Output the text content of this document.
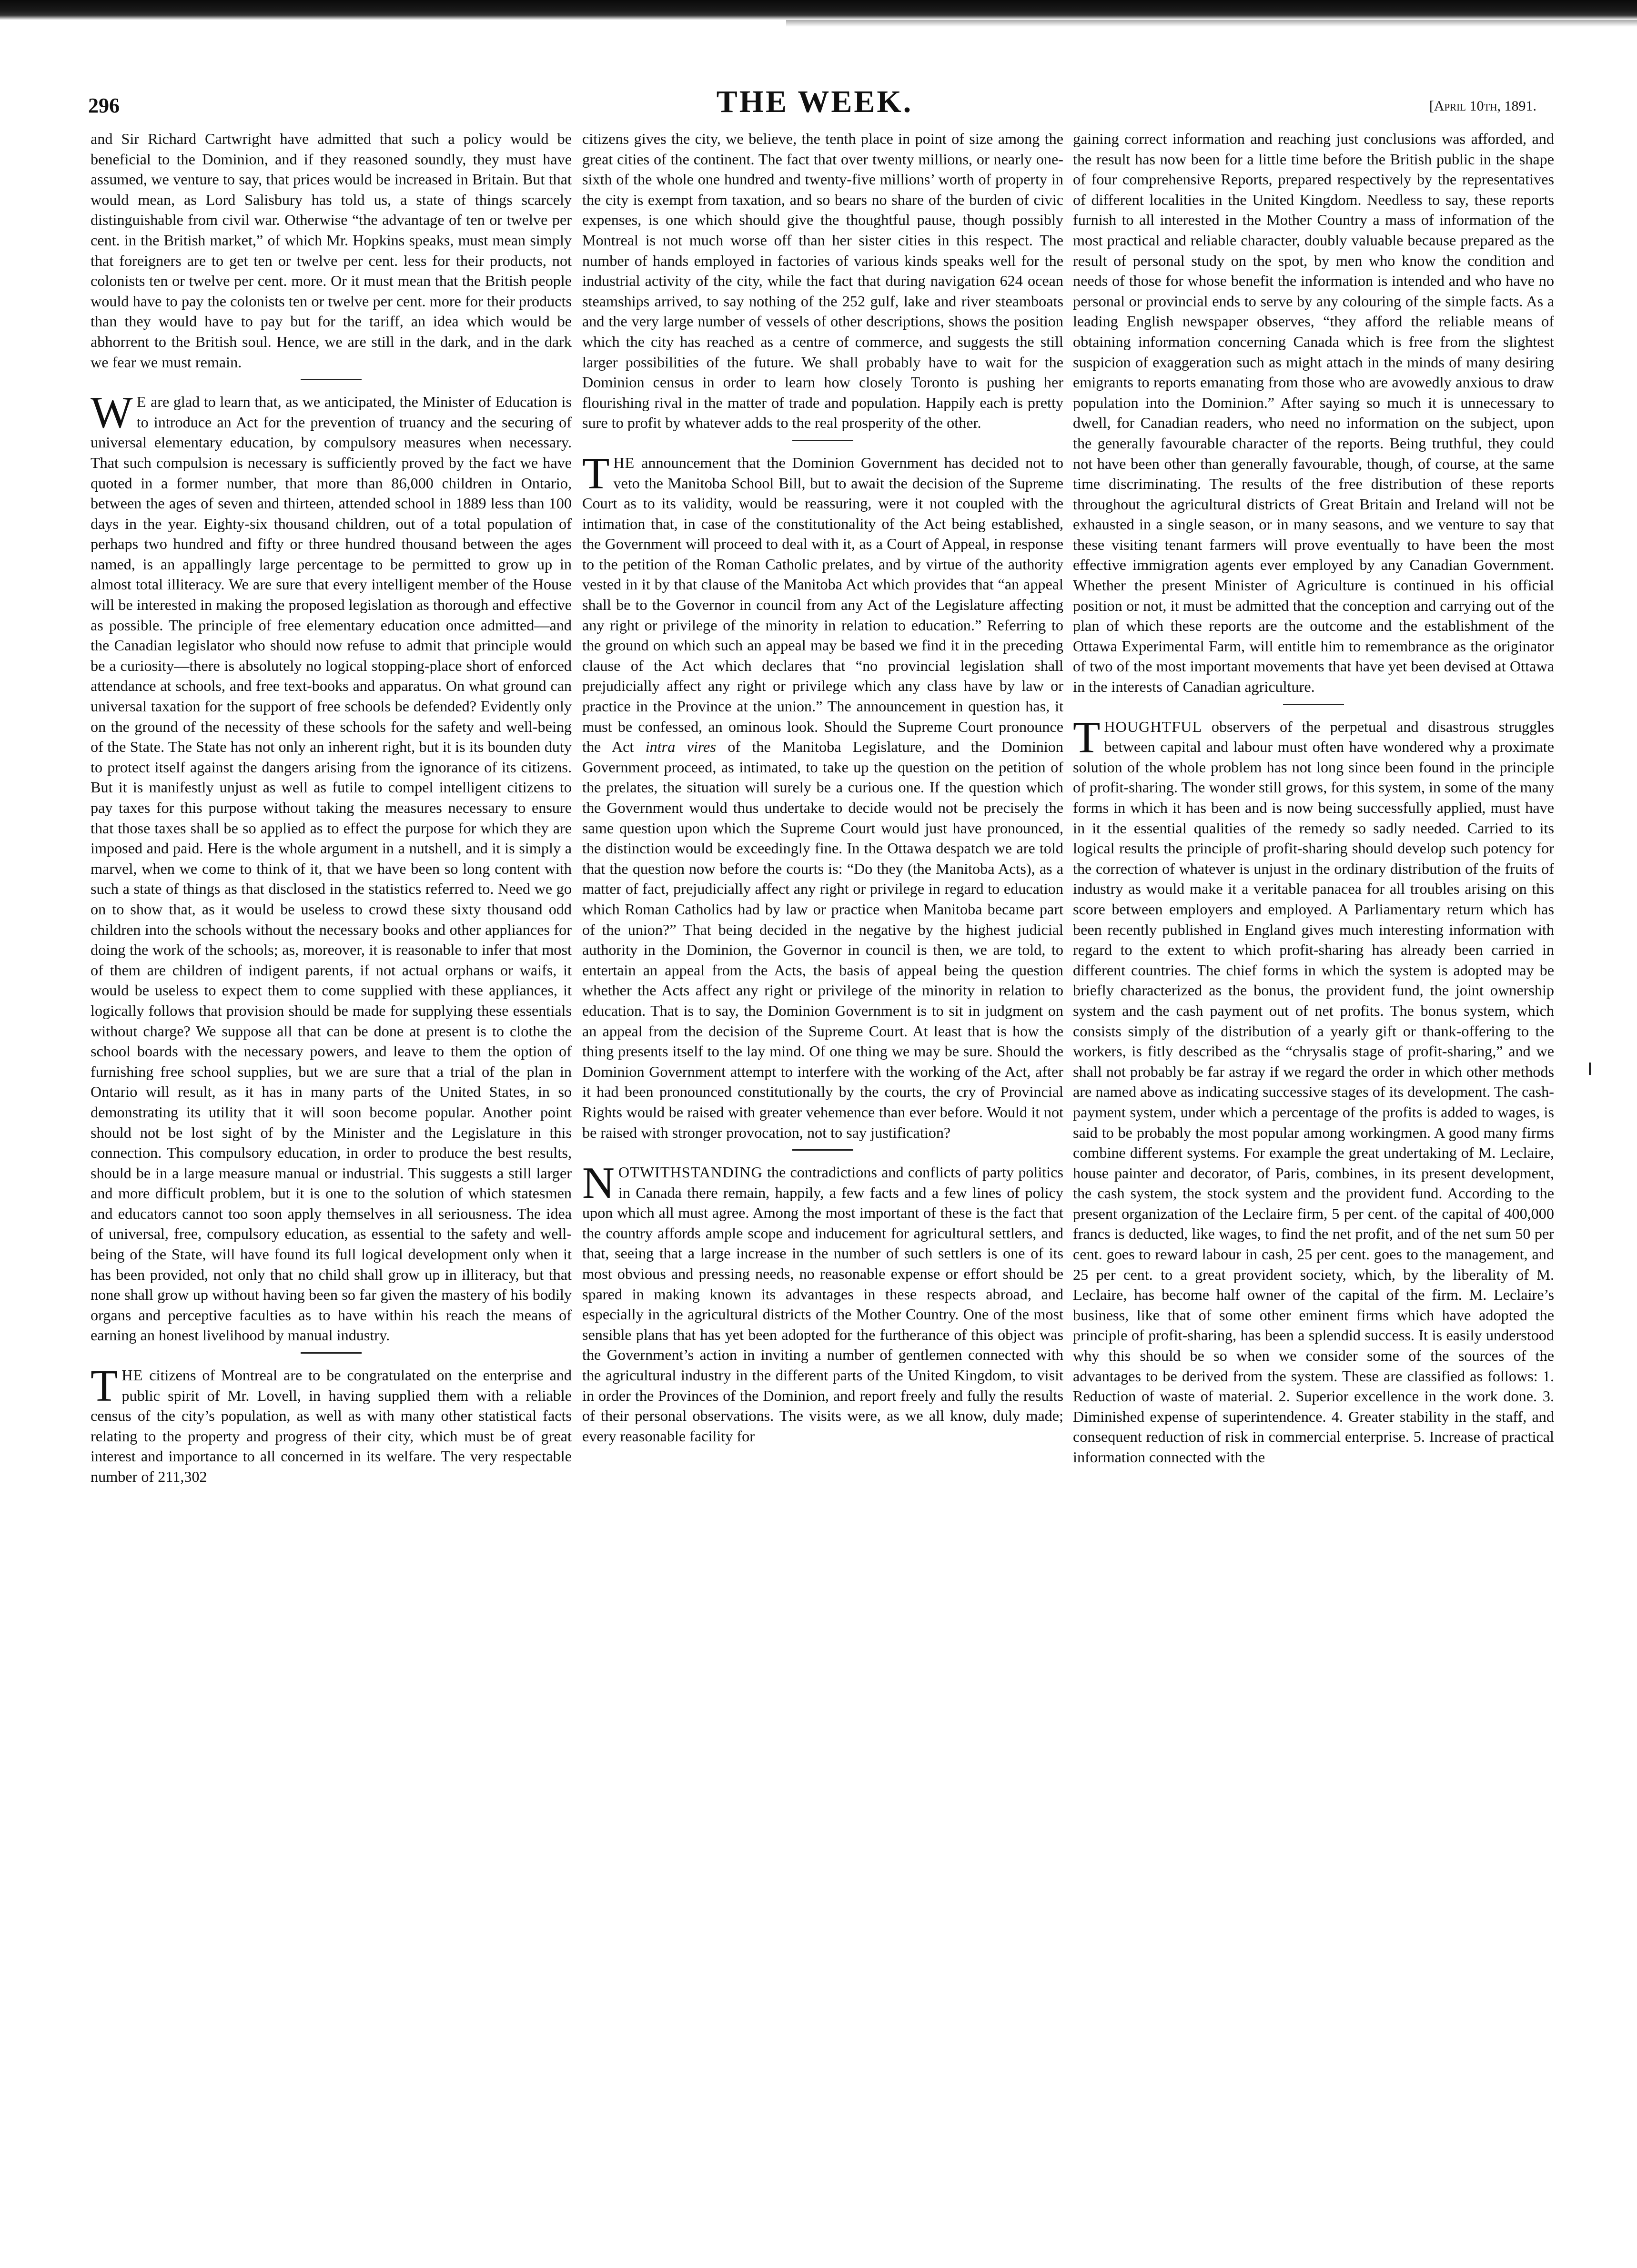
296	THE WEEK.	[April 10th, 1891.

and Sir Richard Cartwright have admitted that such a policy would be beneficial to the Dominion, and if they reasoned soundly, they must have assumed, we venture to say, that prices would be increased in Britain. But that would mean, as Lord Salisbury has told us, a state of things scarcely distinguishable from civil war. Otherwise “the advantage of ten or twelve per cent. in the British market,” of which Mr. Hopkins speaks, must mean simply that foreigners are to get ten or twelve per cent. less for their products, not colonists ten or twelve per cent. more. Or it must mean that the British people would have to pay the colonists ten or twelve per cent. more for their products than they would have to pay but for the tariff, an idea which would be abhorrent to the British soul. Hence, we are still in the dark, and in the dark we fear we must remain.

W E are glad to learn that, as we anticipated, the Minister of Education is to introduce an Act for the prevention of truancy and the securing of universal elementary education, by compulsory measures when necessary. That such compulsion is necessary is sufficiently proved by the fact we have quoted in a former number, that more than 86,000 children in Ontario, between the ages of seven and thirteen, attended school in 1889 less than 100 days in the year. Eighty-six thousand children, out of a total population of perhaps two hundred and fifty or three hundred thousand between the ages named, is an appallingly large percentage to be permitted to grow up in almost total illiteracy. We are sure that every intelligent member of the House will be interested in making the proposed legislation as thorough and effective as possible. The principle of free elementary education once admitted—and the Canadian legislator who should now refuse to admit that principle would be a curiosity—there is absolutely no logical stopping-place short of enforced attendance at schools, and free text-books and apparatus. On what ground can universal taxation for the support of free schools be defended? Evidently only on the ground of the necessity of these schools for the safety and well-being of the State. The State has not only an inherent right, but it is its bounden duty to protect itself against the dangers arising from the ignorance of its citizens. But it is manifestly unjust as well as futile to compel intelligent citizens to pay taxes for this purpose without taking the measures necessary to ensure that those taxes shall be so applied as to effect the purpose for which they are imposed and paid. Here is the whole argument in a nutshell, and it is simply a marvel, when we come to think of it, that we have been so long content with such a state of things as that disclosed in the statistics referred to. Need we go on to show that, as it would be useless to crowd these sixty thousand odd children into the schools without the necessary books and other appliances for doing the work of the schools; as, moreover, it is reasonable to infer that most of them are children of indigent parents, if not actual orphans or waifs, it would be useless to expect them to come supplied with these appliances, it logically follows that provision should be made for supplying these essentials without charge? We suppose all that can be done at present is to clothe the school boards with the necessary powers, and leave to them the option of furnishing free school supplies, but we are sure that a trial of the plan in Ontario will result, as it has in many parts of the United States, in so demonstrating its utility that it will soon become popular. Another point should not be lost sight of by the Minister and the Legislature in this connection. This compulsory education, in order to produce the best results, should be in a large measure manual or industrial. This suggests a still larger and more difficult problem, but it is one to the solution of which statesmen and educators cannot too soon apply themselves in all seriousness. The idea of universal, free, compulsory education, as essential to the safety and well-being of the State, will have found its full logical development only when it has been provided, not only that no child shall grow up in illiteracy, but that none shall grow up without having been so far given the mastery of his bodily organs and perceptive faculties as to have within his reach the means of earning an honest livelihood by manual industry.

THE citizens of Montreal are to be congratulated on the enterprise and public spirit of Mr. Lovell, in having supplied them with a reliable census of the city’s population, as well as with many other statistical facts relating to the property and progress of their city, which must be of great interest and importance to all concerned in its welfare. The very respectable number of 211,302

citizens gives the city, we believe, the tenth place in point of size among the great cities of the continent. The fact that over twenty millions, or nearly one-sixth of the whole one hundred and twenty-five millions’ worth of property in the city is exempt from taxation, and so bears no share of the burden of civic expenses, is one which should give the thoughtful pause, though possibly Montreal is not much worse off than her sister cities in this respect. The number of hands employed in factories of various kinds speaks well for the industrial activity of the city, while the fact that during navigation 624 ocean steamships arrived, to say nothing of the 252 gulf, lake and river steamboats and the very large number of vessels of other descriptions, shows the position which the city has reached as a centre of commerce, and suggests the still larger possibilities of the future. We shall probably have to wait for the Dominion census in order to learn how closely Toronto is pushing her flourishing rival in the matter of trade and population. Happily each is pretty sure to profit by whatever adds to the real prosperity of the other.

THE announcement that the Dominion Government has decided not to veto the Manitoba School Bill, but to await the decision of the Supreme Court as to its validity, would be reassuring, were it not coupled with the intimation that, in case of the constitutionality of the Act being established, the Government will proceed to deal with it, as a Court of Appeal, in response to the petition of the Roman Catholic prelates, and by virtue of the authority vested in it by that clause of the Manitoba Act which provides that “an appeal shall be to the Governor in council from any Act of the Legislature affecting any right or privilege of the minority in relation to education.” Referring to the ground on which such an appeal may be based we find it in the preceding clause of the Act which declares that “no provincial legislation shall prejudicially affect any right or privilege which any class have by law or practice in the Province at the union.” The announcement in question has, it must be confessed, an ominous look. Should the Supreme Court pronounce the Act intra vires of the Manitoba Legislature, and the Dominion Government proceed, as intimated, to take up the question on the petition of the prelates, the situation will surely be a curious one. If the question which the Government would thus undertake to decide would not be precisely the same question upon which the Supreme Court would just have pronounced, the distinction would be exceedingly fine. In the Ottawa despatch we are told that the question now before the courts is: “Do they (the Manitoba Acts), as a matter of fact, prejudicially affect any right or privilege in regard to education which Roman Catholics had by law or practice when Manitoba became part of the union?” That being decided in the negative by the highest judicial authority in the Dominion, the Governor in council is then, we are told, to entertain an appeal from the Acts, the basis of appeal being the question whether the Acts affect any right or privilege of the minority in relation to education. That is to say, the Dominion Government is to sit in judgment on an appeal from the decision of the Supreme Court. At least that is how the thing presents itself to the lay mind. Of one thing we may be sure. Should the Dominion Government attempt to interfere with the working of the Act, after it had been pronounced constitutionally by the courts, the cry of Provincial Rights would be raised with greater vehemence than ever before. Would it not be raised with stronger provocation, not to say justification?

NOTWITHSTANDING the contradictions and conflicts of party politics in Canada there remain, happily, a few facts and a few lines of policy upon which all must agree. Among the most important of these is the fact that the country affords ample scope and inducement for agricultural settlers, and that, seeing that a large increase in the number of such settlers is one of its most obvious and pressing needs, no reasonable expense or effort should be spared in making known its advantages in these respects abroad, and especially in the agricultural districts of the Mother Country. One of the most sensible plans that has yet been adopted for the furtherance of this object was the Government’s action in inviting a number of gentlemen connected with the agricultural industry in the different parts of the United Kingdom, to visit in order the Provinces of the Dominion, and report freely and fully the results of their personal observations. The visits were, as we all know, duly made; every reasonable facility for

gaining correct information and reaching just conclusions was afforded, and the result has now been for a little time before the British public in the shape of four comprehensive Reports, prepared respectively by the representatives of different localities in the United Kingdom. Needless to say, these reports furnish to all interested in the Mother Country a mass of information of the most practical and reliable character, doubly valuable because prepared as the result of personal study on the spot, by men who know the condition and needs of those for whose benefit the information is intended and who have no personal or provincial ends to serve by any colouring of the simple facts. As a leading English newspaper observes, “they afford the reliable means of obtaining information concerning Canada which is free from the slightest suspicion of exaggeration such as might attach in the minds of many desiring emigrants to reports emanating from those who are avowedly anxious to draw population into the Dominion.” After saying so much it is unnecessary to dwell, for Canadian readers, who need no information on the subject, upon the generally favourable character of the reports. Being truthful, they could not have been other than generally favourable, though, of course, at the same time discriminating. The results of the free distribution of these reports throughout the agricultural districts of Great Britain and Ireland will not be exhausted in a single season, or in many seasons, and we venture to say that these visiting tenant farmers will prove eventually to have been the most effective immigration agents ever employed by any Canadian Government. Whether the present Minister of Agriculture is continued in his official position or not, it must be admitted that the conception and carrying out of the plan of which these reports are the outcome and the establishment of the Ottawa Experimental Farm, will entitle him to remembrance as the originator of two of the most important movements that have yet been devised at Ottawa in the interests of Canadian agriculture.

THOUGHTFUL observers of the perpetual and disastrous struggles between capital and labour must often have wondered why a proximate solution of the whole problem has not long since been found in the principle of profit-sharing. The wonder still grows, for this system, in some of the many forms in which it has been and is now being successfully applied, must have in it the essential qualities of the remedy so sadly needed. Carried to its logical results the principle of profit-sharing should develop such potency for the correction of whatever is unjust in the ordinary distribution of the fruits of industry as would make it a veritable panacea for all troubles arising on this score between employers and employed. A Parliamentary return which has been recently published in England gives much interesting information with regard to the extent to which profit-sharing has already been carried in different countries. The chief forms in which the system is adopted may be briefly characterized as the bonus, the provident fund, the joint ownership system and the cash payment out of net profits. The bonus system, which consists simply of the distribution of a yearly gift or thank-offering to the workers, is fitly described as the “chrysalis stage of profit-sharing,” and we shall not probably be far astray if we regard the order in which other methods are named above as indicating successive stages of its development. The cash-payment system, under which a percentage of the profits is added to wages, is said to be probably the most popular among workingmen. A good many firms combine different systems. For example the great undertaking of M. Leclaire, house painter and decorator, of Paris, combines, in its present development, the cash system, the stock system and the provident fund. According to the present organization of the Leclaire firm, 5 per cent. of the capital of 400,000 francs is deducted, like wages, to find the net profit, and of the net sum 50 per cent. goes to reward labour in cash, 25 per cent. goes to the management, and 25 per cent. to a great provident society, which, by the liberality of M. Leclaire, has become half owner of the capital of the firm. M. Leclaire’s business, like that of some other eminent firms which have adopted the principle of profit-sharing, has been a splendid success. It is easily understood why this should be so when we consider some of the sources of the advantages to be derived from the system. These are classified as follows: 1. Reduction of waste of material. 2. Superior excellence in the work done. 3. Diminished expense of superintendence. 4. Greater stability in the staff, and consequent reduction of risk in commercial enterprise. 5. Increase of practical information connected with the
